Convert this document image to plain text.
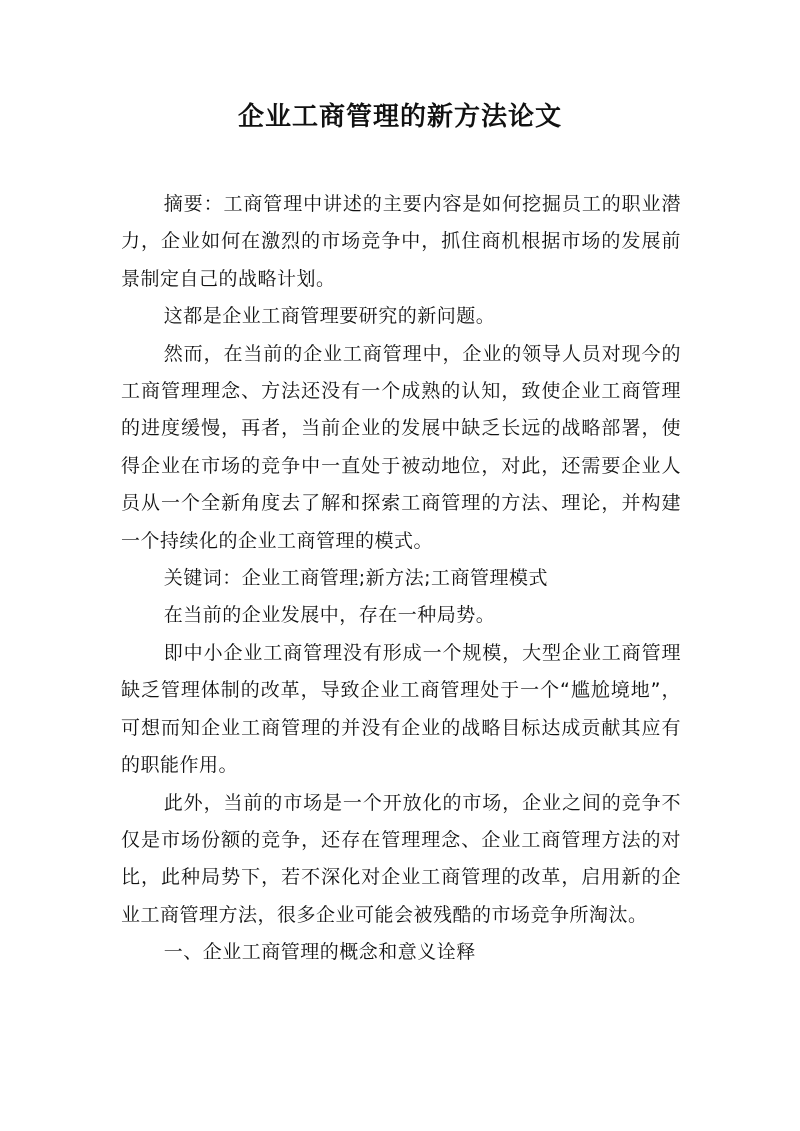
企业工商管理的新方法论文

摘要：工商管理中讲述的主要内容是如何挖掘员工的职业潜力，企业如何在激烈的市场竞争中，抓住商机根据市场的发展前景制定自己的战略计划。

这都是企业工商管理要研究的新问题。

然而，在当前的企业工商管理中，企业的领导人员对现今的工商管理理念、方法还没有一个成熟的认知，致使企业工商管理的进度缓慢，再者，当前企业的发展中缺乏长远的战略部署，使得企业在市场的竞争中一直处于被动地位，对此，还需要企业人员从一个全新角度去了解和探索工商管理的方法、理论，并构建一个持续化的企业工商管理的模式。

关键词：企业工商管理;新方法;工商管理模式

在当前的企业发展中，存在一种局势。

即中小企业工商管理没有形成一个规模，大型企业工商管理缺乏管理体制的改革，导致企业工商管理处于一个“尴尬境地”，可想而知企业工商管理的并没有企业的战略目标达成贡献其应有的职能作用。

此外，当前的市场是一个开放化的市场，企业之间的竞争不仅是市场份额的竞争，还存在管理理念、企业工商管理方法的对比，此种局势下，若不深化对企业工商管理的改革，启用新的企业工商管理方法，很多企业可能会被残酷的市场竞争所淘汰。

一、企业工商管理的概念和意义诠释
